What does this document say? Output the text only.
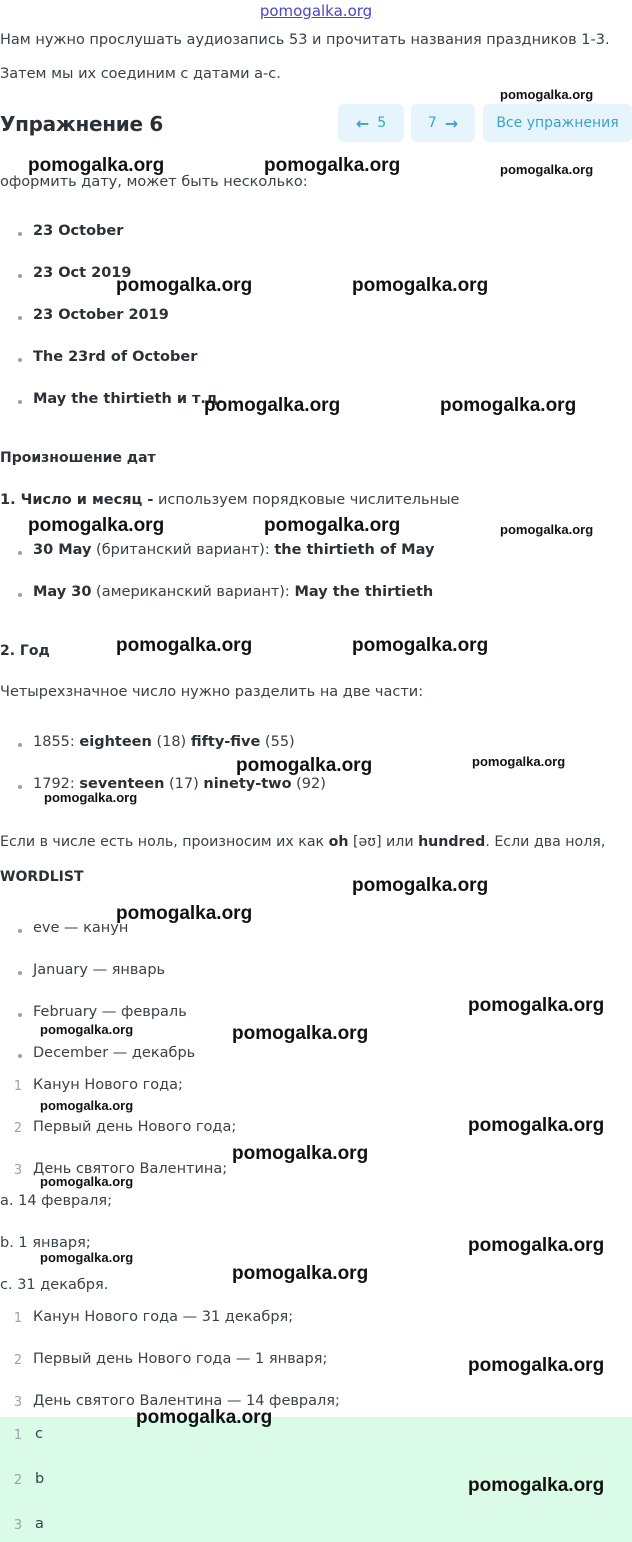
pomogalka.org
Нам нужно прослушать аудиозапись 53 и прочитать названия праздников 1-3.
Затем мы их соединим с датами a-c.
Упражнение 6	← 5	7 →	Все упражнения
оформить дату, может быть несколько:
23 October
23 Oct 2019
23 October 2019
The 23rd of October
May the thirtieth и т.д.
Произношение дат
1. Число и месяц - используем порядковые числительные
30 May (британский вариант): the thirtieth of May
May 30 (американский вариант): May the thirtieth
2. Год
Четырехзначное число нужно разделить на две части:
1855: eighteen (18) fifty-five (55)
1792: seventeen (17) ninety-two (92)
Если в числе есть ноль, произносим их как oh [əʊ] или hundred. Если два ноля,
WORDLIST
eve — канун
January — январь
February — февраль
December — декабрь
1 Канун Нового года;
2 Первый день Нового года;
3 День святого Валентина;
a. 14 февраля;
b. 1 января;
c. 31 декабря.
1 Канун Нового года — 31 декабря;
2 Первый день Нового года — 1 января;
3 День святого Валентина — 14 февраля;
1 c
2 b
3 a
pomogalka.org
pomogalka.org	pomogalka.org	pomogalka.org
pomogalka.org	pomogalka.org
pomogalka.org	pomogalka.org
pomogalka.org	pomogalka.org	pomogalka.org
pomogalka.org	pomogalka.org
pomogalka.org	pomogalka.org
pomogalka.org
pomogalka.org
pomogalka.org
pomogalka.org
pomogalka.org	pomogalka.org
pomogalka.org
pomogalka.org
pomogalka.org
pomogalka.org
pomogalka.org
pomogalka.org
pomogalka.org
pomogalka.org
pomogalka.org
pomogalka.org
